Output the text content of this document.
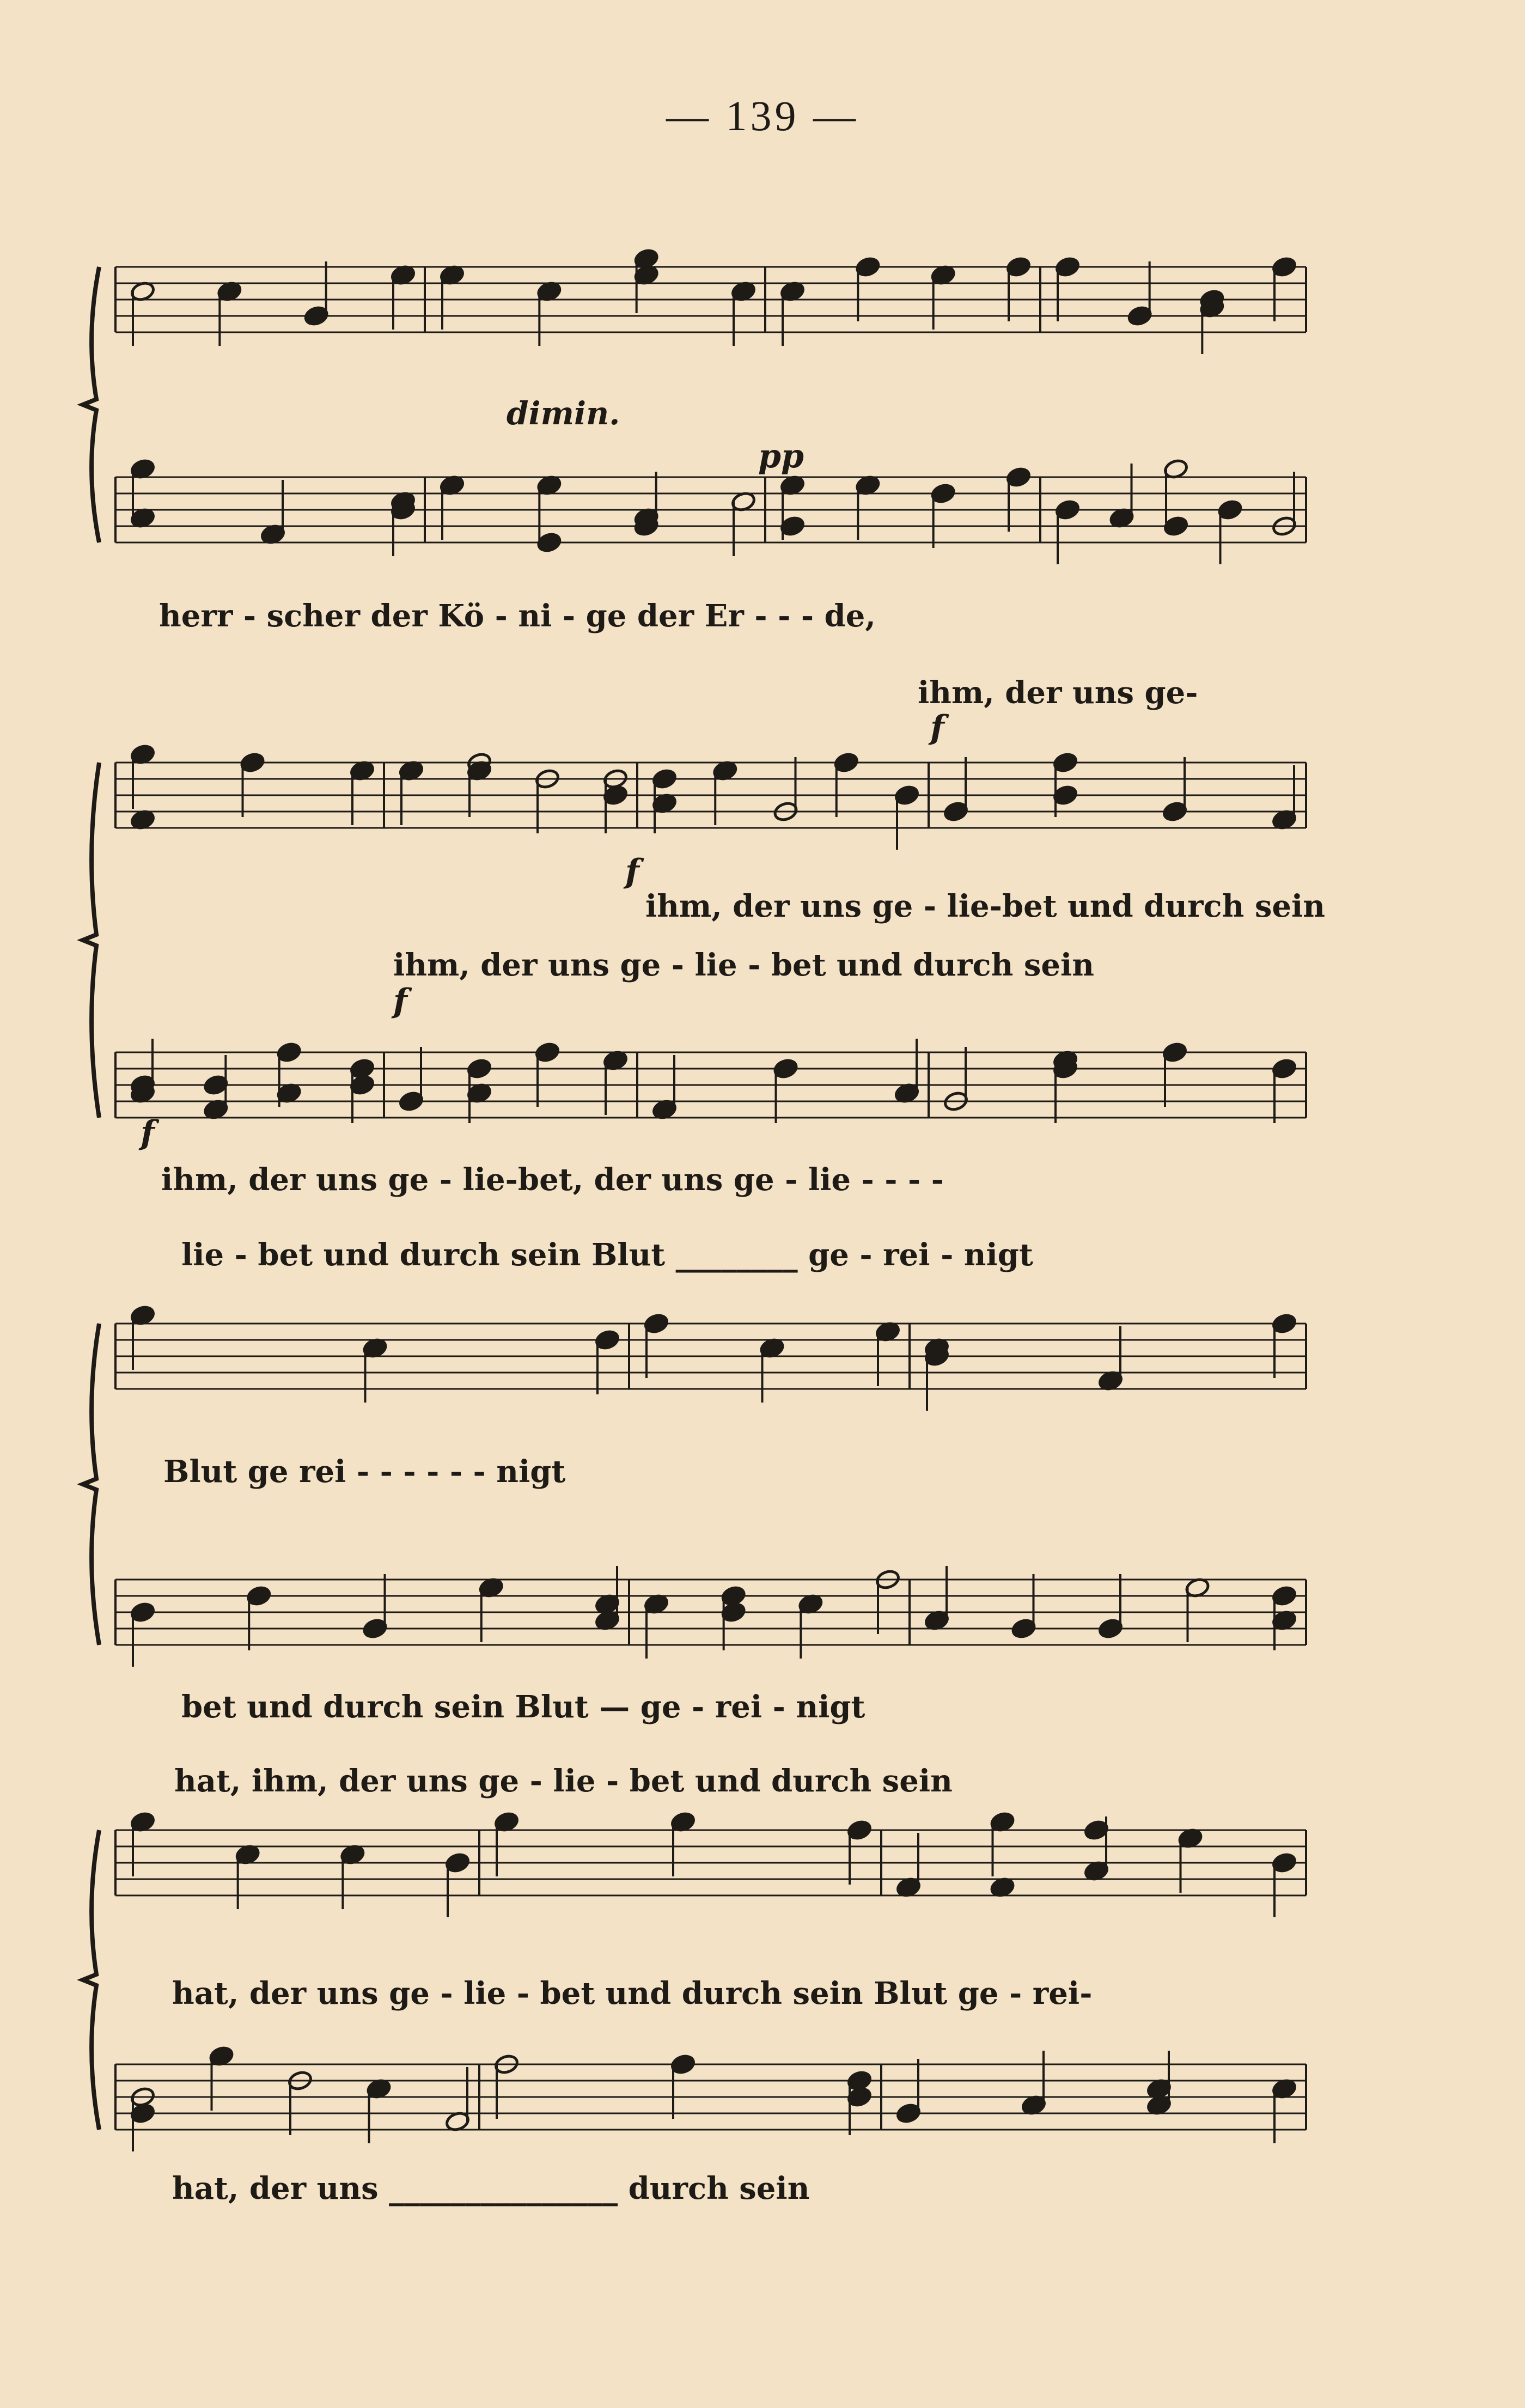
— 139 —
dimin.
pp
f
f
f
f
herr - scher der Kö - ni - ge der Er - - - de,
ihm, der uns ge-
ihm, der uns ge - lie-bet und durch sein
ihm, der uns ge - lie - bet und durch sein
ihm, der uns ge - lie-bet, der uns ge - lie - - - -
lie - bet und durch sein Blut ________ ge - rei - nigt
Blut ge rei - - - - - - nigt
bet und durch sein Blut — ge - rei - nigt
hat, ihm, der uns ge - lie - bet und durch sein
hat, der uns ge - lie - bet und durch sein Blut ge - rei-
hat, der uns _______________ durch sein
